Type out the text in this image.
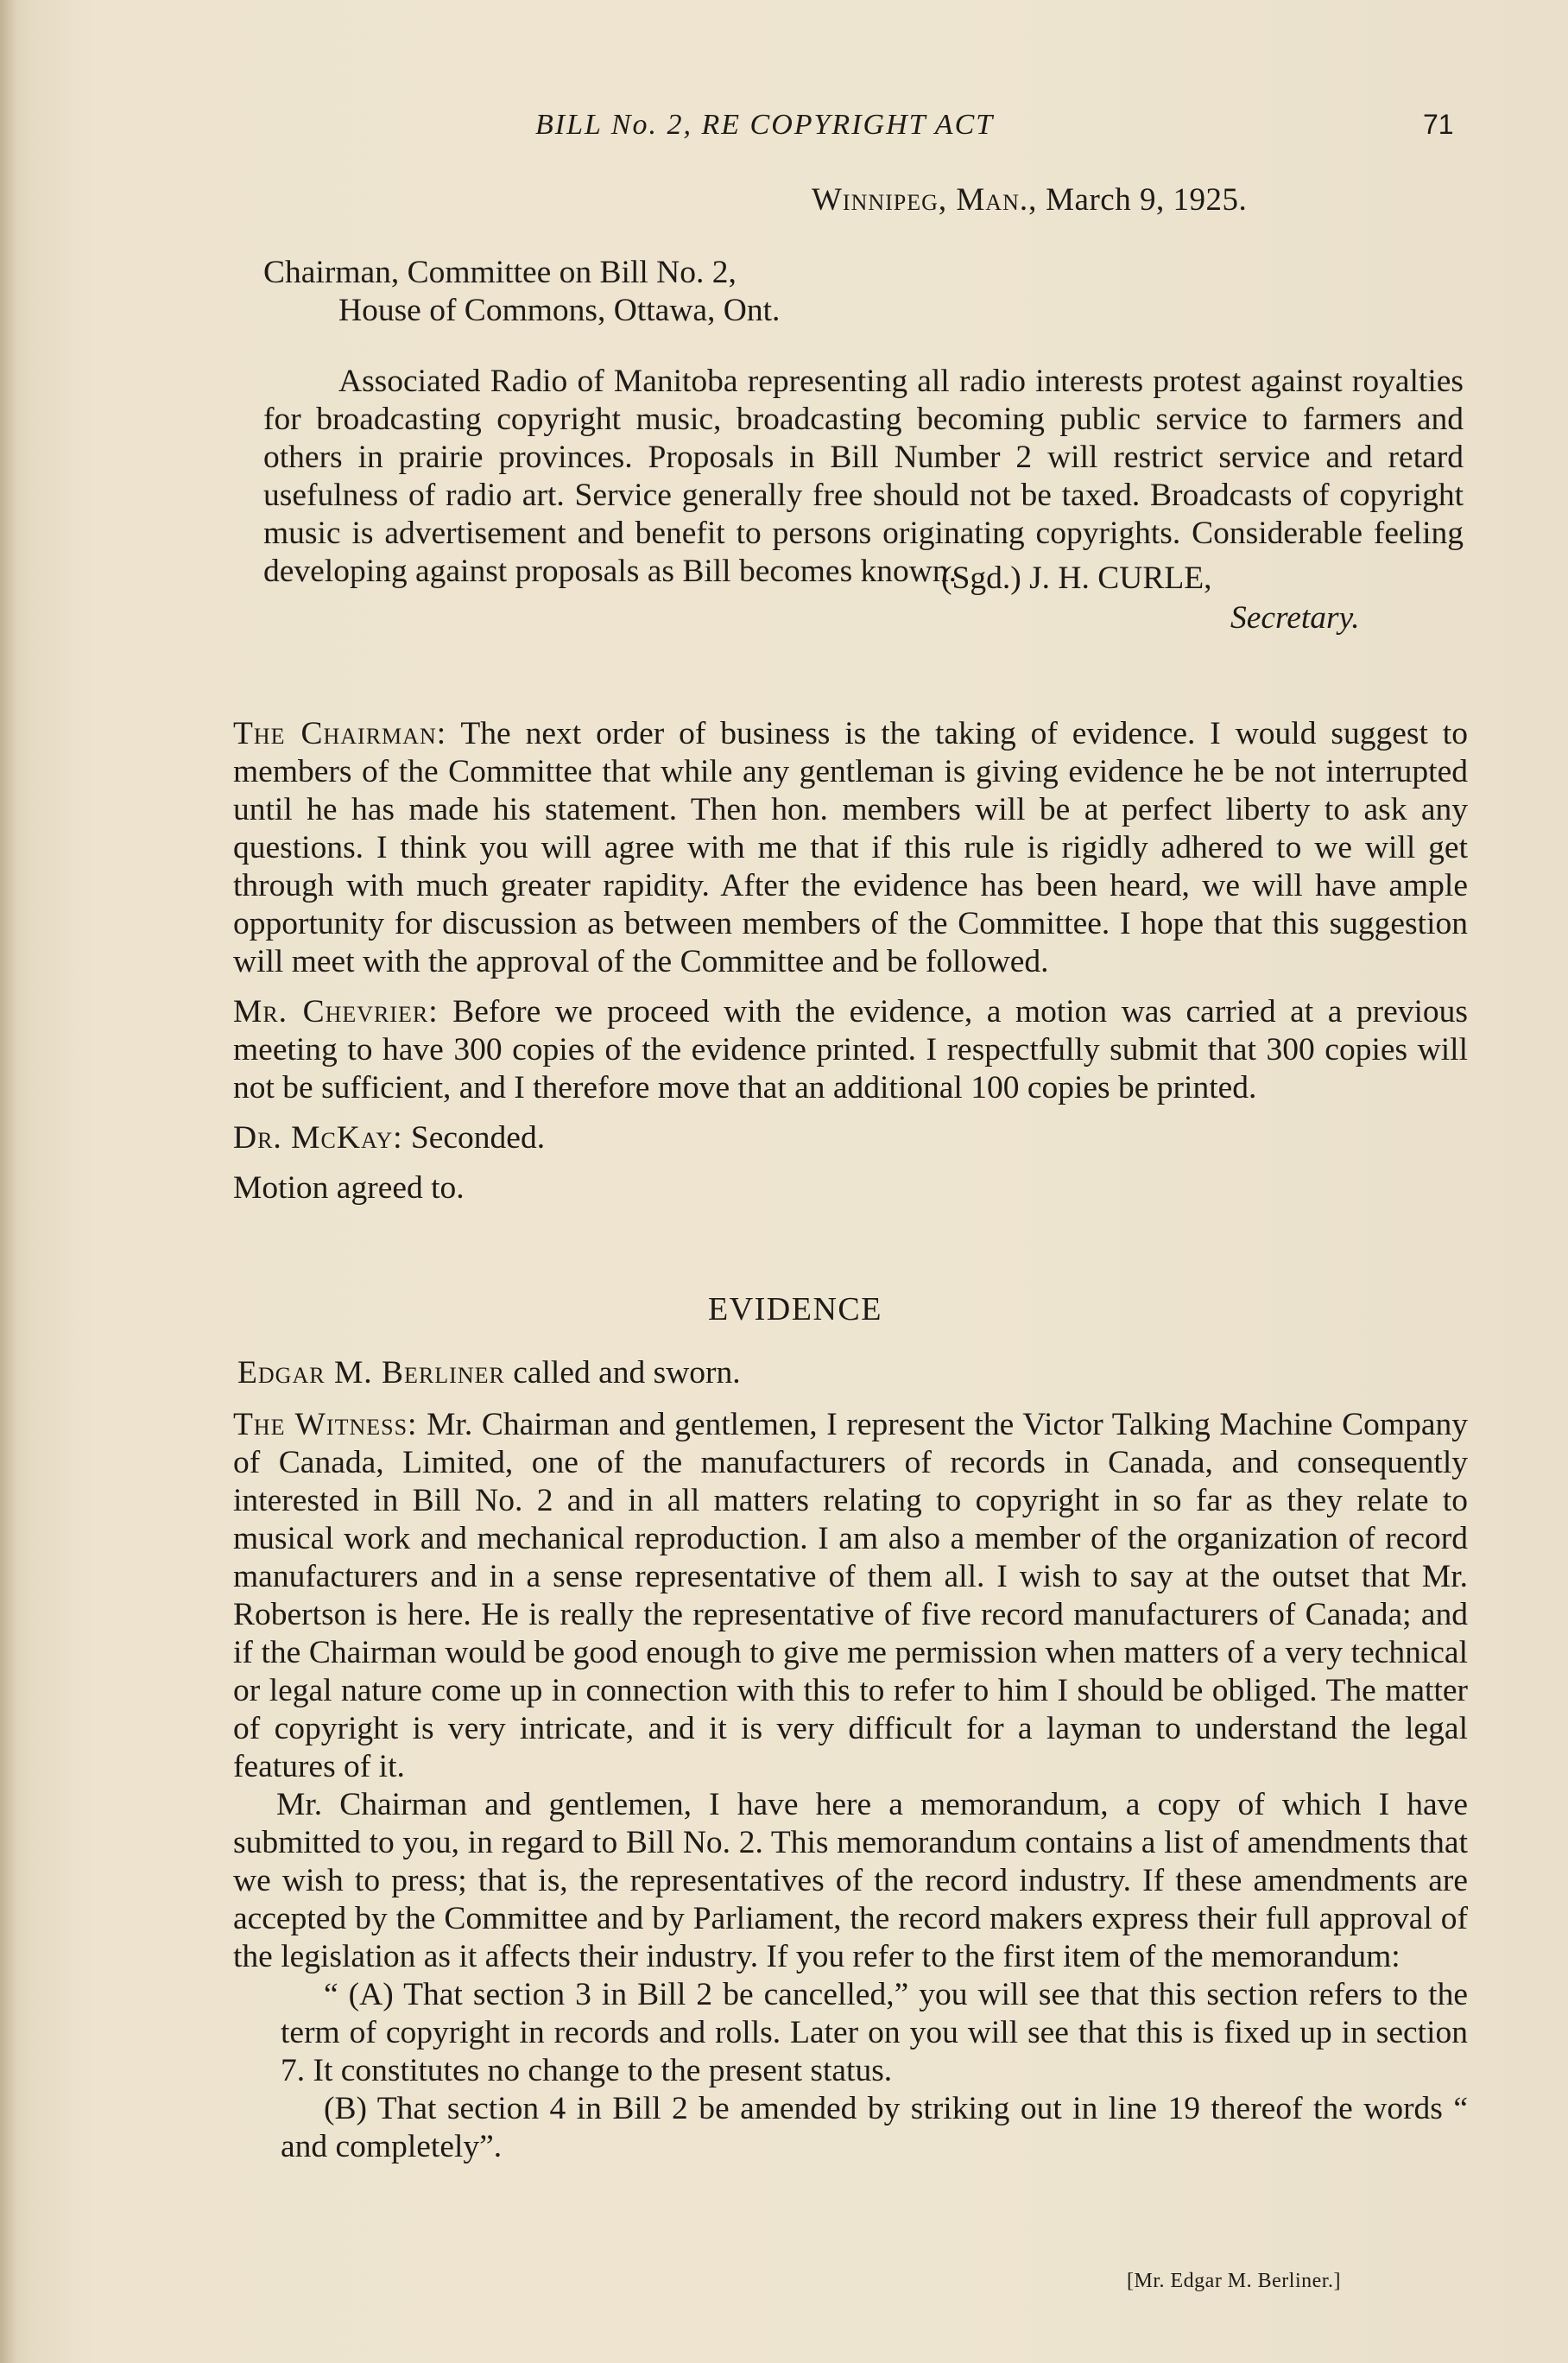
BILL No. 2, RE COPYRIGHT ACT	71
Winnipeg, Man., March 9, 1925.
Chairman, Committee on Bill No. 2,
House of Commons, Ottawa, Ont.

Associated Radio of Manitoba representing all radio interests protest against royalties for broadcasting copyright music, broadcasting becoming public service to farmers and others in prairie provinces. Proposals in Bill Number 2 will restrict service and retard usefulness of radio art. Service generally free should not be taxed. Broadcasts of copyright music is advertisement and benefit to persons originating copyrights. Considerable feeling developing against proposals as Bill becomes known.

(Sgd.) J. H. CURLE,
Secretary.

The Chairman: The next order of business is the taking of evidence. I would suggest to members of the Committee that while any gentleman is giving evidence he be not interrupted until he has made his statement. Then hon. members will be at perfect liberty to ask any questions. I think you will agree with me that if this rule is rigidly adhered to we will get through with much greater rapidity. After the evidence has been heard, we will have ample opportunity for discussion as between members of the Committee. I hope that this suggestion will meet with the approval of the Committee and be followed.

Mr. Chevrier: Before we proceed with the evidence, a motion was carried at a previous meeting to have 300 copies of the evidence printed. I respectfully submit that 300 copies will not be sufficient, and I therefore move that an additional 100 copies be printed.

Dr. McKay: Seconded.

Motion agreed to.

EVIDENCE
Edgar M. Berliner called and sworn.

The Witness: Mr. Chairman and gentlemen, I represent the Victor Talking Machine Company of Canada, Limited, one of the manufacturers of records in Canada, and consequently interested in Bill No. 2 and in all matters relating to copyright in so far as they relate to musical work and mechanical reproduction. I am also a member of the organization of record manufacturers and in a sense representative of them all. I wish to say at the outset that Mr. Robertson is here. He is really the representative of five record manufacturers of Canada; and if the Chairman would be good enough to give me permission when matters of a very technical or legal nature come up in connection with this to refer to him I should be obliged. The matter of copyright is very intricate, and it is very difficult for a layman to understand the legal features of it.

Mr. Chairman and gentlemen, I have here a memorandum, a copy of which I have submitted to you, in regard to Bill No. 2. This memorandum contains a list of amendments that we wish to press; that is, the representatives of the record industry. If these amendments are accepted by the Committee and by Parliament, the record makers express their full approval of the legislation as it affects their industry. If you refer to the first item of the memorandum:

“ (A) That section 3 in Bill 2 be cancelled,” you will see that this section refers to the term of copyright in records and rolls. Later on you will see that this is fixed up in section 7. It constitutes no change to the present status.

(B) That section 4 in Bill 2 be amended by striking out in line 19 thereof the words “ and completely”.

[Mr. Edgar M. Berliner.]
